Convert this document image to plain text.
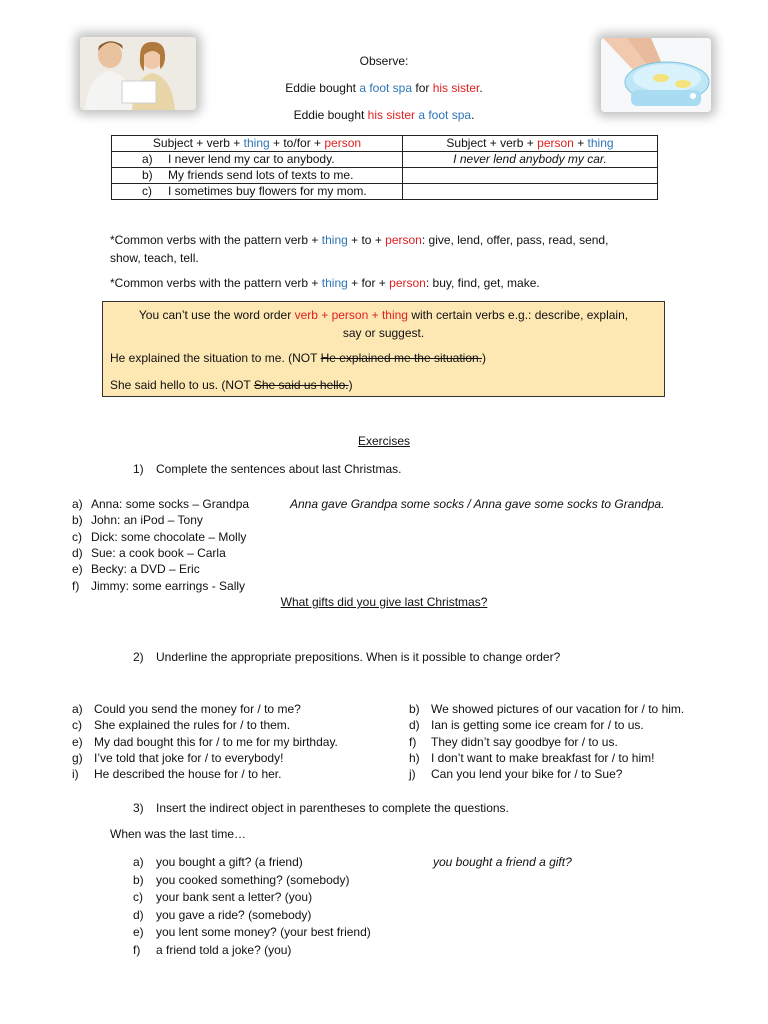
Observe:
Eddie bought a foot spa for his sister.
Eddie bought his sister a foot spa.
Subject + verb + thing + to/for + person	Subject + verb + person + thing
a) I never lend my car to anybody.	I never lend anybody my car.
b) My friends send lots of texts to me.	
c) I sometimes buy flowers for my mom.	
*Common verbs with the pattern verb + thing + to + person: give, lend, offer, pass, read, send,
show, teach, tell.
*Common verbs with the pattern verb + thing + for + person: buy, find, get, make.
You can’t use the word order verb + person + thing with certain verbs e.g.: describe, explain,
say or suggest.
He explained the situation to me. (NOT He explained me the situation.)
She said hello to us. (NOT She said us hello.)
Exercises
1) Complete the sentences about last Christmas.
a) Anna: some socks – Grandpa
b) John: an iPod – Tony
c) Dick: some chocolate – Molly
d) Sue: a cook book – Carla
e) Becky: a DVD – Eric
f) Jimmy: some earrings - Sally
Anna gave Grandpa some socks / Anna gave some socks to Grandpa.
What gifts did you give last Christmas?
2) Underline the appropriate prepositions. When is it possible to change order?
a) Could you send the money for / to me?
c) She explained the rules for / to them.
e) My dad bought this for / to me for my birthday.
g) I’ve told that joke for / to everybody!
i) He described the house for / to her.
b) We showed pictures of our vacation for / to him.
d) Ian is getting some ice cream for / to us.
f) They didn’t say goodbye for / to us.
h) I don’t want to make breakfast for / to him!
j) Can you lend your bike for / to Sue?
3) Insert the indirect object in parentheses to complete the questions.
When was the last time…
a) you bought a gift? (a friend)
b) you cooked something? (somebody)
c) your bank sent a letter? (you)
d) you gave a ride? (somebody)
e) you lent some money? (your best friend)
f) a friend told a joke? (you)
you bought a friend a gift?
